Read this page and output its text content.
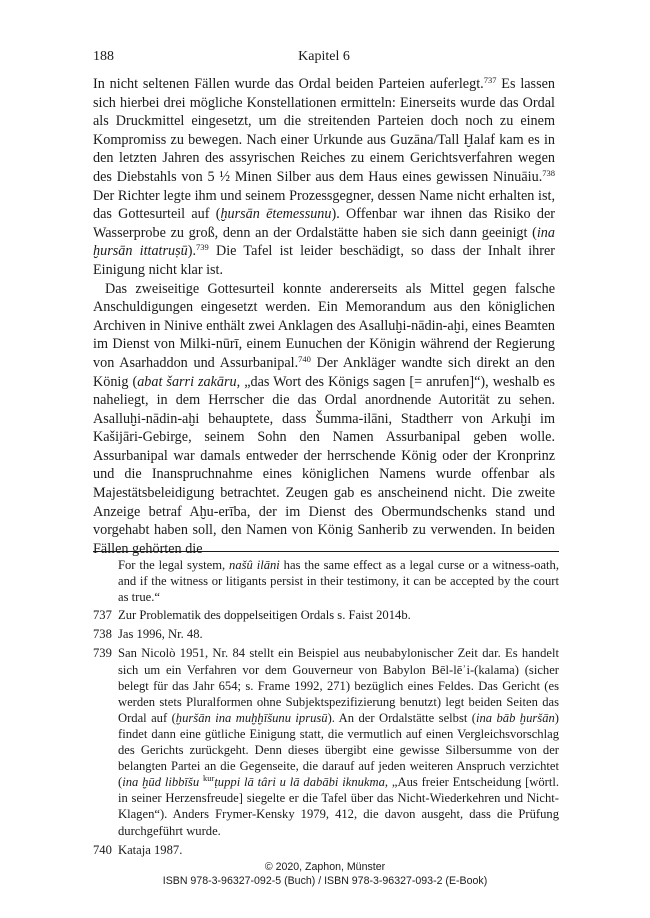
188	Kapitel 6

In nicht seltenen Fällen wurde das Ordal beiden Parteien auferlegt.$^{737}$ Es lassen sich hierbei drei mögliche Konstellationen ermitteln: Einerseits wurde das Ordal als Druckmittel eingesetzt, um die streitenden Parteien doch noch zu einem Kompromiss zu bewegen. Nach einer Urkunde aus Guzāna/Tall Ḫalaf kam es in den letzten Jahren des assyrischen Reiches zu einem Gerichtsverfahren wegen des Diebstahls von 5 ½ Minen Silber aus dem Haus eines gewissen Ninuāiu.$^{738}$ Der Richter legte ihm und seinem Prozessgegner, dessen Name nicht erhalten ist, das Gottesurteil auf (ḫursān ētemessunu). Offenbar war ihnen das Risiko der Wasserprobe zu groß, denn an der Ordalstätte haben sie sich dann geeinigt (ina ḫursān ittatruṣū).$^{739}$ Die Tafel ist leider beschädigt, so dass der Inhalt ihrer Einigung nicht klar ist.

Das zweiseitige Gottesurteil konnte andererseits als Mittel gegen falsche Anschuldigungen eingesetzt werden. Ein Memorandum aus den königlichen Archiven in Ninive enthält zwei Anklagen des Asalluḫi-nādin-aḫi, eines Beamten im Dienst von Milki-nūrī, einem Eunuchen der Königin während der Regierung von Asarhaddon und Assurbanipal.$^{740}$ Der Ankläger wandte sich direkt an den König (abat šarri zakāru, „das Wort des Königs sagen [= anrufen]“), weshalb es naheliegt, in dem Herrscher die das Ordal anordnende Autorität zu sehen. Asalluḫi-nādin-aḫi behauptete, dass Šumma-ilāni, Stadtherr von Arkuḫi im Kašijāri-Gebirge, seinem Sohn den Namen Assurbanipal geben wolle. Assurbanipal war damals entweder der herrschende König oder der Kronprinz und die Inanspruchnahme eines königlichen Namens wurde offenbar als Majestätsbeleidigung betrachtet. Zeugen gab es anscheinend nicht. Die zweite Anzeige betraf Aḫu-erība, der im Dienst des Obermundschenks stand und vorgehabt haben soll, den Namen von König Sanherib zu verwenden. In beiden Fällen gehörten die

For the legal system, našû ilāni has the same effect as a legal curse or a witness-oath, and if the witness or litigants persist in their testimony, it can be accepted by the court as true.“
737 Zur Problematik des doppelseitigen Ordals s. Faist 2014b.
738 Jas 1996, Nr. 48.
739 San Nicolò 1951, Nr. 84 stellt ein Beispiel aus neubabylonischer Zeit dar. Es handelt sich um ein Verfahren vor dem Gouverneur von Babylon Bēl-lēʾi-(kalama) (sicher belegt für das Jahr 654; s. Frame 1992, 271) bezüglich eines Feldes. Das Gericht (es werden stets Pluralformen ohne Subjektspezifizierung benutzt) legt beiden Seiten das Ordal auf (ḫuršān ina muḫḫīšunu iprusū). An der Ordalstätte selbst (ina bāb ḫuršān) findet dann eine gütliche Einigung statt, die vermutlich auf einen Vergleichsvorschlag des Gerichts zurückgeht. Denn dieses übergibt eine gewisse Silbersumme von der belangten Partei an die Gegenseite, die darauf auf jeden weiteren Anspruch verzichtet (ina ḫūd libbīšu $^{kur}$ṭuppi lā târi u lā dabābi iknukma, „Aus freier Entscheidung [wörtl. in seiner Herzensfreude] siegelte er die Tafel über das Nicht-Wiederkehren und Nicht-Klagen“). Anders Frymer-Kensky 1979, 412, die davon ausgeht, dass die Prüfung durchgeführt wurde.
740 Kataja 1987.
© 2020, Zaphon, Münster
ISBN 978-3-96327-092-5 (Buch) / ISBN 978-3-96327-093-2 (E-Book)
